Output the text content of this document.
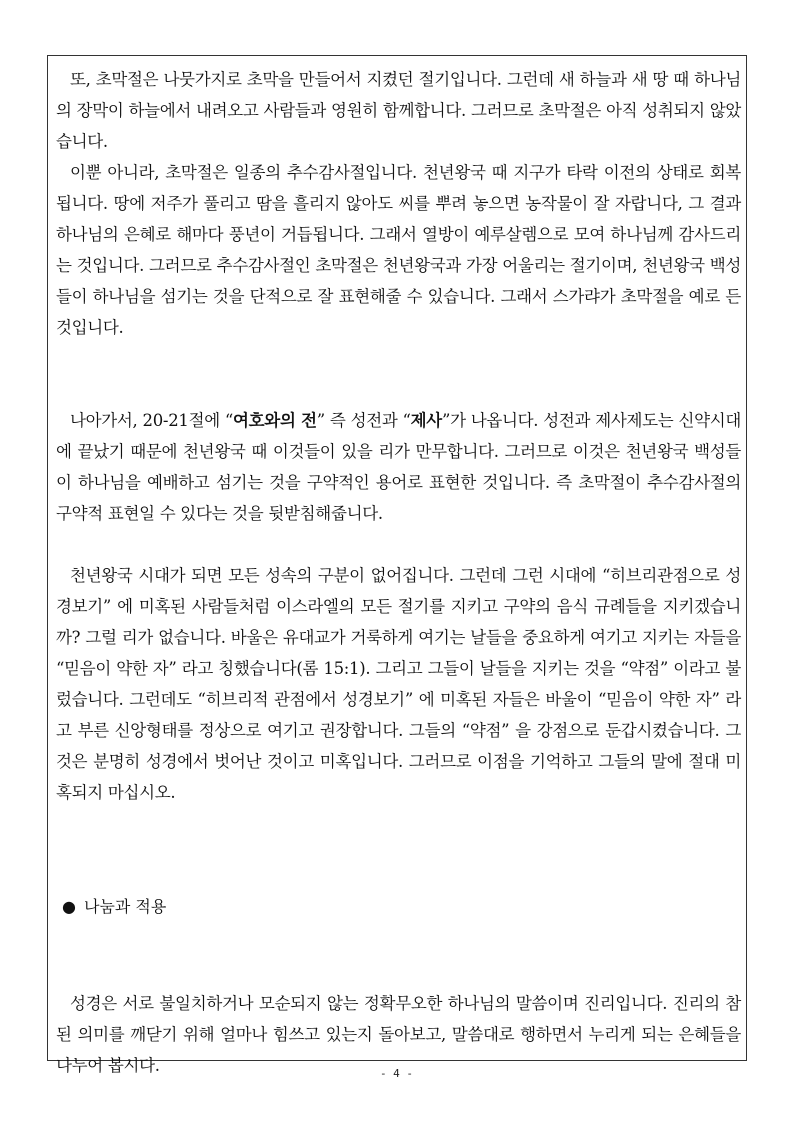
또, 초막절은 나뭇가지로 초막을 만들어서 지켰던 절기입니다. 그런데 새 하늘과 새 땅 때 하나님의 장막이 하늘에서 내려오고 사람들과 영원히 함께합니다. 그러므로 초막절은 아직 성취되지 않았습니다.

이뿐 아니라, 초막절은 일종의 추수감사절입니다. 천년왕국 때 지구가 타락 이전의 상태로 회복됩니다. 땅에 저주가 풀리고 땀을 흘리지 않아도 씨를 뿌려 놓으면 농작물이 잘 자랍니다, 그 결과 하나님의 은혜로 해마다 풍년이 거듭됩니다. 그래서 열방이 예루살렘으로 모여 하나님께 감사드리는 것입니다. 그러므로 추수감사절인 초막절은 천년왕국과 가장 어울리는 절기이며, 천년왕국 백성들이 하나님을 섬기는 것을 단적으로 잘 표현해줄 수 있습니다. 그래서 스가랴가 초막절을 예로 든 것입니다.

나아가서, 20-21절에 “여호와의 전” 즉 성전과 “제사”가 나옵니다. 성전과 제사제도는 신약시대에 끝났기 때문에 천년왕국 때 이것들이 있을 리가 만무합니다. 그러므로 이것은 천년왕국 백성들이 하나님을 예배하고 섬기는 것을 구약적인 용어로 표현한 것입니다. 즉 초막절이 추수감사절의 구약적 표현일 수 있다는 것을 뒷받침해줍니다.

천년왕국 시대가 되면 모든 성속의 구분이 없어집니다. 그런데 그런 시대에 “히브리관점으로 성경보기” 에 미혹된 사람들처럼 이스라엘의 모든 절기를 지키고 구약의 음식 규례들을 지키겠습니까? 그럴 리가 없습니다. 바울은 유대교가 거룩하게 여기는 날들을 중요하게 여기고 지키는 자들을 “믿음이 약한 자” 라고 칭했습니다(롬 15:1). 그리고 그들이 날들을 지키는 것을 “약점” 이라고 불렀습니다. 그런데도 “히브리적 관점에서 성경보기” 에 미혹된 자들은 바울이 “믿음이 약한 자” 라고 부른 신앙형태를 정상으로 여기고 권장합니다. 그들의 “약점” 을 강점으로 둔갑시켰습니다. 그것은 분명히 성경에서 벗어난 것이고 미혹입니다. 그러므로 이점을 기억하고 그들의 말에 절대 미혹되지 마십시오.

● 나눔과 적용

성경은 서로 불일치하거나 모순되지 않는 정확무오한 하나님의 말씀이며 진리입니다. 진리의 참된 의미를 깨닫기 위해 얼마나 힘쓰고 있는지 돌아보고, 말씀대로 행하면서 누리게 되는 은혜들을 나누어 봅시다.	- 4 -
